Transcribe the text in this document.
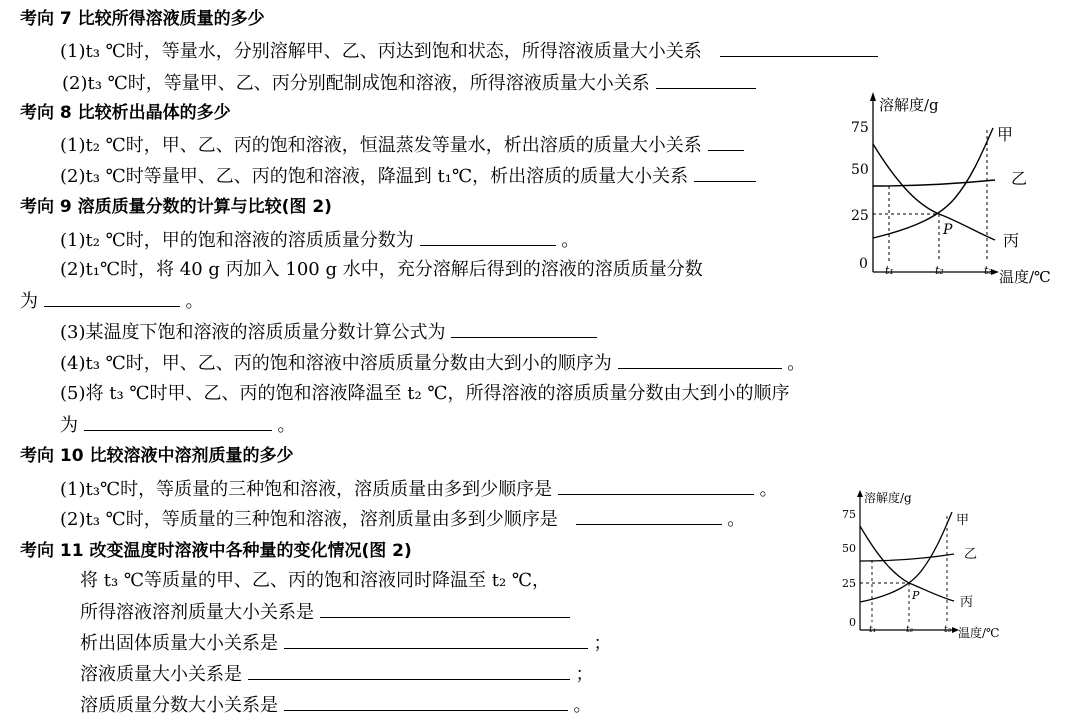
考向 7 比较所得溶液质量的多少
(1)t₃ ℃时，等量水，分别溶解甲、乙、丙达到饱和状态，所得溶液质量大小关系
(2)t₃ ℃时，等量甲、乙、丙分别配制成饱和溶液，所得溶液质量大小关系
考向 8 比较析出晶体的多少
(1)t₂ ℃时，甲、乙、丙的饱和溶液，恒温蒸发等量水，析出溶质的质量大小关系
(2)t₃ ℃时等量甲、乙、丙的饱和溶液，降温到 t₁℃，析出溶质的质量大小关系
考向 9 溶质质量分数的计算与比较(图 2)
(1)t₂ ℃时，甲的饱和溶液的溶质质量分数为	。
(2)t₁℃时，将 40 g 丙加入 100 g 水中，充分溶解后得到的溶液的溶质质量分数
为	。
(3)某温度下饱和溶液的溶质质量分数计算公式为
(4)t₃ ℃时，甲、乙、丙的饱和溶液中溶质质量分数由大到小的顺序为	。
(5)将 t₃ ℃时甲、乙、丙的饱和溶液降温至 t₂ ℃，所得溶液的溶质质量分数由大到小的顺序
为	。
考向 10 比较溶液中溶剂质量的多少
(1)t₃℃时，等质量的三种饱和溶液，溶质质量由多到少顺序是	。
(2)t₃ ℃时，等质量的三种饱和溶液，溶剂质量由多到少顺序是	。
考向 11 改变温度时溶液中各种量的变化情况(图 2)
将 t₃ ℃等质量的甲、乙、丙的饱和溶液同时降温至 t₂ ℃，
所得溶液溶剂质量大小关系是
析出固体质量大小关系是	；
溶液质量大小关系是	；
溶质质量分数大小关系是	。
溶解度/g
温度/℃
75
50
25
0 t₁	t₂	t₃
甲
乙
丙
P
溶解度/g
温度/℃
75
50
25
0
t₁	t₂	t₃
甲
乙
丙
P
